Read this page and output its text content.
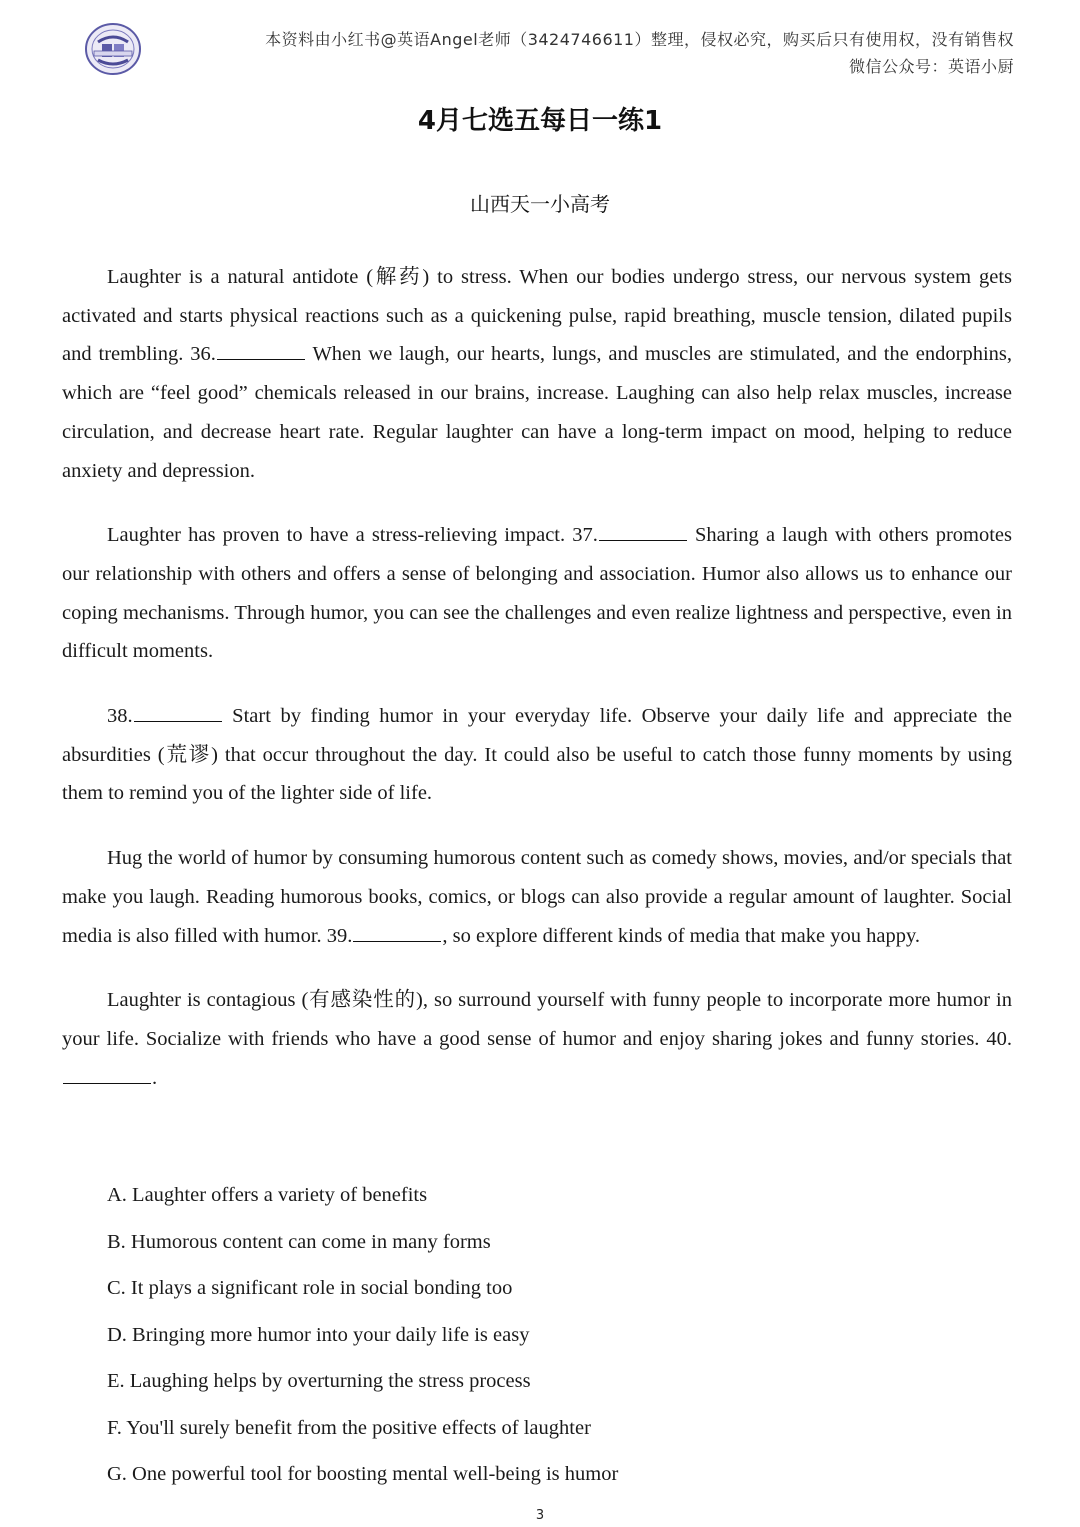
本资料由小红书@英语Angel老师（3424746611）整理，侵权必究，购买后只有使用权，没有销售权
微信公众号：英语小厨
4月七选五每日一练1
山西天一小高考

Laughter is a natural antidote (解药) to stress. When our bodies undergo stress, our nervous system gets activated and starts physical reactions such as a quickening pulse, rapid breathing, muscle tension, dilated pupils and trembling. 36.	When we laugh, our hearts, lungs, and muscles are stimulated, and the endorphins, which are “feel good” chemicals released in our brains, increase. Laughing can also help relax muscles, increase circulation, and decrease heart rate. Regular laughter can have a long-term impact on mood, helping to reduce anxiety and depression.

Laughter has proven to have a stress-relieving impact. 37.	Sharing a laugh with others promotes our relationship with others and offers a sense of belonging and association. Humor also allows us to enhance our coping mechanisms. Through humor, you can see the challenges and even realize lightness and perspective, even in difficult moments.

38.	Start by finding humor in your everyday life. Observe your daily life and appreciate the absurdities (荒谬) that occur throughout the day. It could also be useful to catch those funny moments by using them to remind you of the lighter side of life.

Hug the world of humor by consuming humorous content such as comedy shows, movies, and/or specials that make you laugh. Reading humorous books, comics, or blogs can also provide a regular amount of laughter. Social media is also filled with humor. 39.	, so explore different kinds of media that make you happy.

Laughter is contagious (有感染性的), so surround yourself with funny people to incorporate more humor in your life. Socialize with friends who have a good sense of humor and enjoy sharing jokes and funny stories. 40..

A. Laughter offers a variety of benefits
B. Humorous content can come in many forms
C. It plays a significant role in social bonding too
D. Bringing more humor into your daily life is easy
E. Laughing helps by overturning the stress process
F. You'll surely benefit from the positive effects of laughter
G. One powerful tool for boosting mental well-being is humor
3
